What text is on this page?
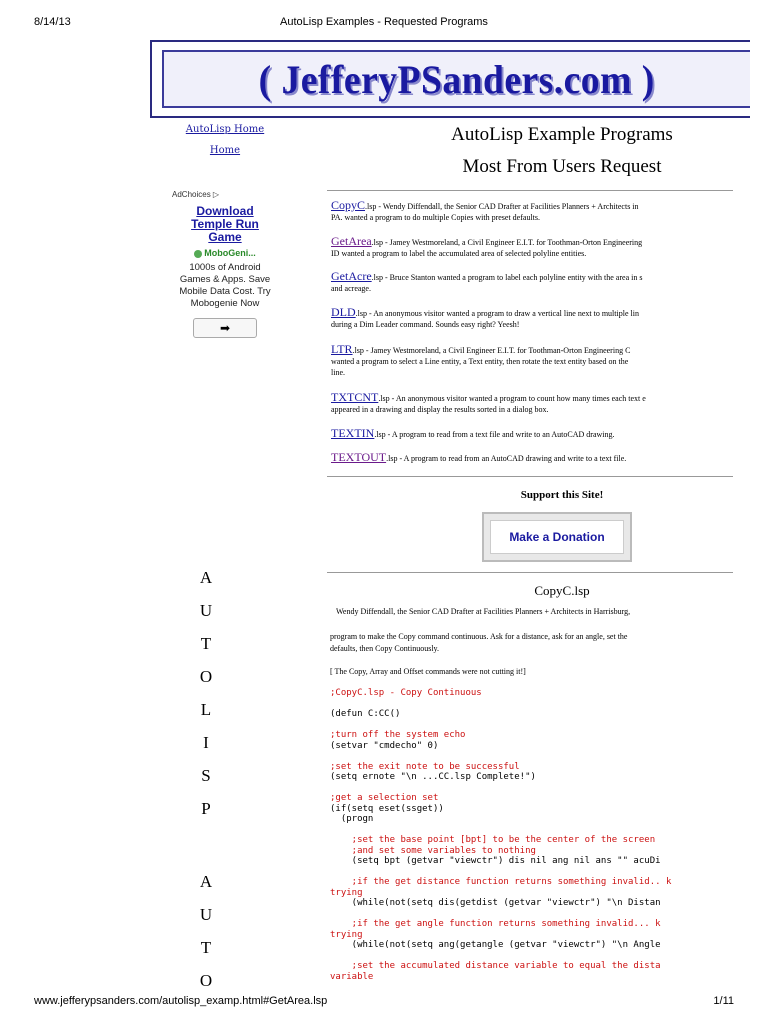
8/14/13	AutoLisp Examples - Requested Programs
( JefferyPSanders.com )
AutoLisp Home
Home
AdChoices ▷
Download Temple Run Game
MoboGeni...
1000s of Android Games & Apps. Save Mobile Data Cost. Try Mobogenie Now
➡
A
U
T
O
L
I
S
P
A
U
T
O
AutoLisp Example Programs
Most From Users Request
CopyC.lsp - Wendy Diffendall, the Senior CAD Drafter at Facilities Planners + Architects in
PA. wanted a program to do multiple Copies with preset defaults.
GetArea.lsp - Jamey Westmoreland, a Civil Engineer E.I.T. for Toothman-Orton Engineering
ID wanted a program to label the accumulated area of selected polyline entities.
GetAcre.lsp - Bruce Stanton wanted a program to label each polyline entity with the area in s
and acreage.
DLD.lsp - An anonymous visitor wanted a program to draw a vertical line next to multiple lin
during a Dim Leader command. Sounds easy right? Yeesh!
LTR.lsp - Jamey Westmoreland, a Civil Engineer E.I.T. for Toothman-Orton Engineering C
wanted a program to select a Line entity, a Text entity, then rotate the text entity based on the
line.
TXTCNT.lsp - An anonymous visitor wanted a program to count how many times each text e
appeared in a drawing and display the results sorted in a dialog box.
TEXTIN.lsp - A program to read from a text file and write to an AutoCAD drawing.
TEXTOUT.lsp - A program to read from an AutoCAD drawing and write to a text file.
Support this Site!
Make a Donation
CopyC.lsp
Wendy Diffendall, the Senior CAD Drafter at Facilities Planners + Architects in Harrisburg,
program to make the Copy command continuous. Ask for a distance, ask for an angle, set the
defaults, then Copy Continuously.
[ The Copy, Array and Offset commands were not cutting it!]
;CopyC.lsp - Copy Continuous

(defun C:CC()

;turn off the system echo
(setvar "cmdecho" 0)

;set the exit note to be successful
(setq ernote "\n ...CC.lsp Complete!")

;get a selection set
(if(setq eset(ssget))
(progn

;set the base point [bpt] to be the center of the screen
;and set some variables to nothing
(setq bpt (getvar "viewctr") dis nil ang nil ans "" acuDi

;if the get distance function returns something invalid.. k
trying
(while(not(setq dis(getdist (getvar "viewctr") "\n Distan

;if the get angle function returns something invalid... k
trying
(while(not(setq ang(getangle (getvar "viewctr") "\n Angle

;set the accumulated distance variable to equal the dista
variable
www.jefferypsanders.com/autolisp_examp.html#GetArea.lsp	1/11
